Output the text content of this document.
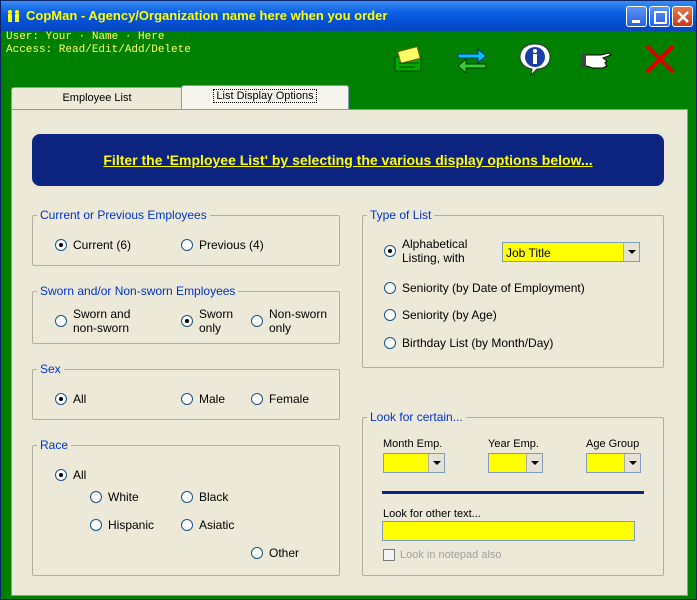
CopMan - Agency/Organization name here when you order
User: Your · Name · Here
Access: Read/Edit/Add/Delete
Employee List	List Display Options
Filter the 'Employee List' by selecting the various display options below...
Current or Previous Employees
Current (6)	Previous (4)
Sworn and/or Non-sworn Employees
Sworn and
non-sworn
Sworn
only
Non-sworn
only
Sex
All	Male	Female
Race
All
White	Black
Hispanic	Asiatic
Other
Type of List
Alphabetical
Listing, with	Job Title
Seniority (by Date of Employment)
Seniority (by Age)
Birthday List (by Month/Day)
Look for certain...
Month Emp.	Year Emp.	Age Group
Look for other text...
Look in notepad also
